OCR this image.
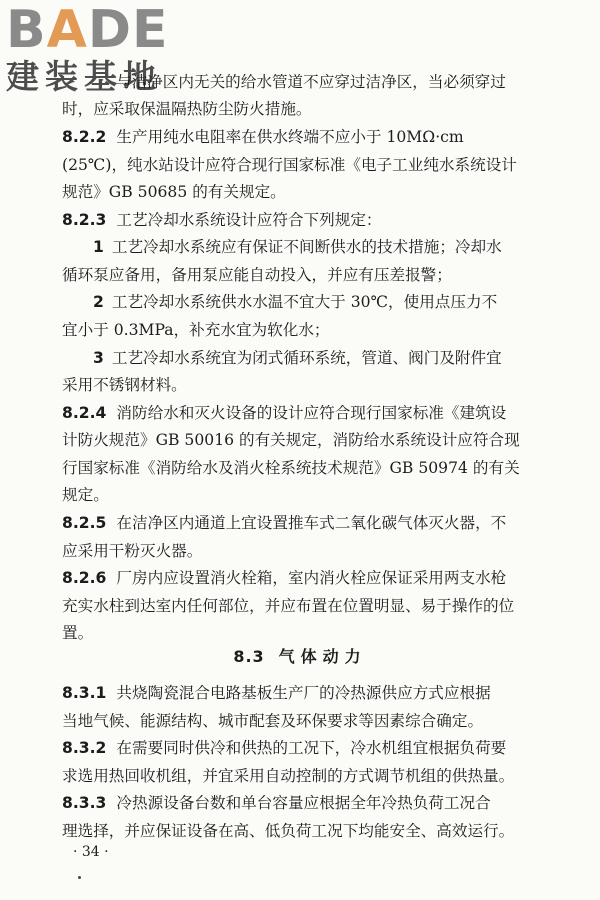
BADE
建装基地
与洁净区内无关的给水管道不应穿过洁净区，当必须穿过
时，应采取保温隔热防尘防火措施。
8.2.2 生产用纯水电阻率在供水终端不应小于 10MΩ·cm
(25℃)，纯水站设计应符合现行国家标准《电子工业纯水系统设计
规范》GB 50685 的有关规定。
8.2.3 工艺冷却水系统设计应符合下列规定：
1 工艺冷却水系统应有保证不间断供水的技术措施；冷却水
循环泵应备用，备用泵应能自动投入，并应有压差报警；
2 工艺冷却水系统供水水温不宜大于 30℃，使用点压力不
宜小于 0.3MPa，补充水宜为软化水；
3 工艺冷却水系统宜为闭式循环系统，管道、阀门及附件宜
采用不锈钢材料。
8.2.4 消防给水和灭火设备的设计应符合现行国家标准《建筑设
计防火规范》GB 50016 的有关规定，消防给水系统设计应符合现
行国家标准《消防给水及消火栓系统技术规范》GB 50974 的有关
规定。
8.2.5 在洁净区内通道上宜设置推车式二氧化碳气体灭火器，不
应采用干粉灭火器。
8.2.6 厂房内应设置消火栓箱，室内消火栓应保证采用两支水枪
充实水柱到达室内任何部位，并应布置在位置明显、易于操作的位
置。
8.3 气体动力
8.3.1 共烧陶瓷混合电路基板生产厂的冷热源供应方式应根据
当地气候、能源结构、城市配套及环保要求等因素综合确定。
8.3.2 在需要同时供冷和供热的工况下，冷水机组宜根据负荷要
求选用热回收机组，并宜采用自动控制的方式调节机组的供热量。
8.3.3 冷热源设备台数和单台容量应根据全年冷热负荷工况合
理选择，并应保证设备在高、低负荷工况下均能安全、高效运行。
· 34 ·
